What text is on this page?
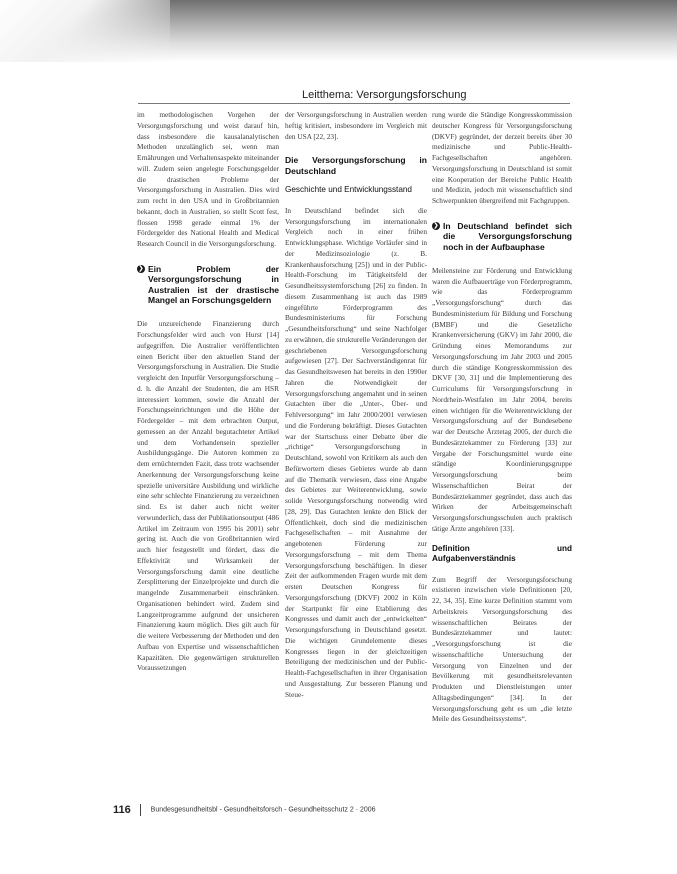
Leitthema: Versorgungsforschung

im methodologischen Vorgehen der Versorgungsforschung und weist darauf hin, dass insbesondere die kausalanalytischen Methoden unzulänglich sei, wenn man Ernährungen und Verhaltensaspekte miteinander will. Zudem seien angelegte Forschungsgelder die drastischen Probleme der Versorgungsforschung in Australien. Dies wird zum recht in den USA und in Großbritannien bekannt, doch in Australien, so stellt Scott fest, flossen 1998 gerade einmal 1% der Fördergelder des National Health and Medical Research Council in die Versorgungsforschung.

❯ Ein Problem der Versorgungsforschung in Australien ist der drastische Mangel an Forschungsgeldern

Die unzureichende Finanzierung durch Forschungsfelder wird auch von Hurst [14] aufgegriffen. Die Australier veröffentlichten einen Bericht über den aktuellen Stand der Versorgungsforschung in Australien. Die Studie vergleicht den Inputfür Versorgungsforschung – d. h. die Anzahl der Studenten, die am HSR interessiert kommen, sowie die Anzahl der Forschungseinrichtungen und die Höhe der Fördergelder – mit dem erbrachten Output, gemessen an der Anzahl begutachteter Artikel und dem Vorhandensein spezieller Ausbildungsgänge. Die Autoren kommen zu dem ernüchternden Fazit, dass trotz wachsender Anerkennung der Versorgungsforschung keine spezielle universitäre Ausbildung und wirkliche eine sehr schlechte Finanzierung zu verzeichnen sind. Es ist daher auch nicht weiter verwunderlich, dass der Publikationsoutput (486 Artikel im Zeitraum von 1995 bis 2001) sehr gering ist. Auch die von Großbritannien wird auch hier festgestellt und fördert, dass die Effektivität und Wirksamkeit der Versorgungsforschung damit eine deutliche Zersplitterung der Einzelprojekte und durch die mangelnde Zusammenarbeit einschränken. Organisationen behindert wird. Zudem sind Langzeitprogramme aufgrund der unsicheren Finanzierung kaum möglich. Dies gilt auch für die weitere Verbesserung der Methoden und den Aufbau von Expertise und wissenschaftlichen Kapazitäten. Die gegenwärtigen strukturellen Voraussetzungen

der Versorgungsforschung in Australien werden heftig kritisiert, insbesondere im Vergleich mit den USA [22, 23].

Die Versorgungsforschung in Deutschland
Geschichte und Entwicklungsstand

In Deutschland befindet sich die Versorgungsforschung im internationalen Vergleich noch in einer frühen Entwicklungsphase. Wichtige Vorläufer sind in der Medizinsoziologie (z. B. Krankenhausforschung [25]) und in der Public-Health-Forschung im Tätigkeitsfeld der Gesundheitssystemforschung [26] zu finden. In diesem Zusammenhang ist auch das 1989 eingeführte Förderprogramm des Bundesministeriums für Forschung „Gesundheitsforschung“ und seine Nachfolger zu erwähnen, die strukturelle Veränderungen der geschriebenen Versorgungsforschung aufgewiesen [27]. Der Sachverständigenrat für das Gesundheitswesen hat bereits in den 1990er Jahren die Notwendigkeit der Versorgungsforschung angemahnt und in seinen Gutachten über die „Unter-, Über- und Fehlversorgung“ im Jahr 2000/2001 verwiesen und die Forderung bekräftigt. Dieses Gutachten war der Startschuss einer Debatte über die „richtige“ Versorgungsforschung in Deutschland, sowohl von Kritikern als auch den Befürwortern dieses Gebietes wurde ab dann auf die Thematik verwiesen, dass eine Angabe des Gebietes zur Weiterentwicklung, sowie solide Versorgungsforschung notwendig wird [28, 29]. Das Gutachten lenkte den Blick der Öffentlichkeit, doch sind die medizinischen Fachgesellschaften – mit Ausnahme der angebotenen Förderung zur Versorgungsforschung – mit dem Thema Versorgungsforschung beschäftigen. In dieser Zeit der aufkommenden Fragen wurde mit dem ersten Deutschen Kongress für Versorgungsforschung (DKVF) 2002 in Köln der Startpunkt für eine Etablierung des Kongresses und damit auch der „entwickelten“ Versorgungsforschung in Deutschland gesetzt. Die wichtigen Grundelemente dieses Kongresses liegen in der gleichzeitigen Beteiligung der medizinischen und der Public-Health-Fachgesellschaften in ihrer Organisation und Ausgestaltung. Zur besseren Planung und Steue-

rung wurde die Ständige Kongresskommission deutscher Kongress für Versorgungsforschung (DKVF) gegründet, der derzeit bereits über 30 medizinische und Public-Health-Fachgesellschaften angehören. Versorgungsforschung in Deutschland ist somit eine Kooperation der Bereiche Public Health und Medizin, jedoch mit wissenschaftlich sind Schwerpunkten übergreifend mit Fachgruppen.

❯ In Deutschland befindet sich die Versorgungsforschung noch in der Aufbauphase

Meilensteine zur Förderung und Entwicklung waren die Aufbauerträge von Förderprogramm, wie das Förderprogramm „Versorgungsforschung“ durch das Bundesministerium für Bildung und Forschung (BMBF) und die Gesetzliche Krankenversicherung (GKV) im Jahr 2000, die Gründung eines Memorandums zur Versorgungsforschung im Jahr 2003 und 2005 durch die ständige Kongresskommission des DKVF [30, 31] und die Implementierung des Curriculums für Versorgungsforschung in Nordrhein-Westfalen im Jahr 2004, bereits einen wichtigen für die Weiterentwicklung der Versorgungsforschung auf der Bundesebene war der Deutsche Ärztetag 2005, der durch die Bundesärztekammer zu Förderung [33] zur Vergabe der Forschungsmittel wurde eine ständige Koordinierungsgruppe Versorgungsforschung beim Wissenschaftlichen Beirat der Bundesärztekammer gegründet, dass auch das Wirken der Arbeitsgemeinschaft Versorgungsforschungsschulen auch praktisch tätige Ärzte angehören [33].

Definition und Aufgabenverständnis

Zum Begriff der Versorgungsforschung existieren inzwischen viele Definitionen [20, 22, 34, 35]. Eine kurze Definition stammt vom Arbeitskreis Versorgungsforschung des wissenschaftlichen Beirates der Bundesärztekammer und lautet: „Versorgungsforschung ist die wissenschaftliche Untersuchung der Versorgung von Einzelnen und der Bevölkerung mit gesundheitsrelevanten Produkten und Dienstleistungen unter Alltagsbedingungen“ [34]. In der Versorgungsforschung geht es um „die letzte Meile des Gesundheitssystems“.

116	Bundesgesundheitsbl - Gesundheitsforsch - Gesundheitsschutz 2 · 2006
